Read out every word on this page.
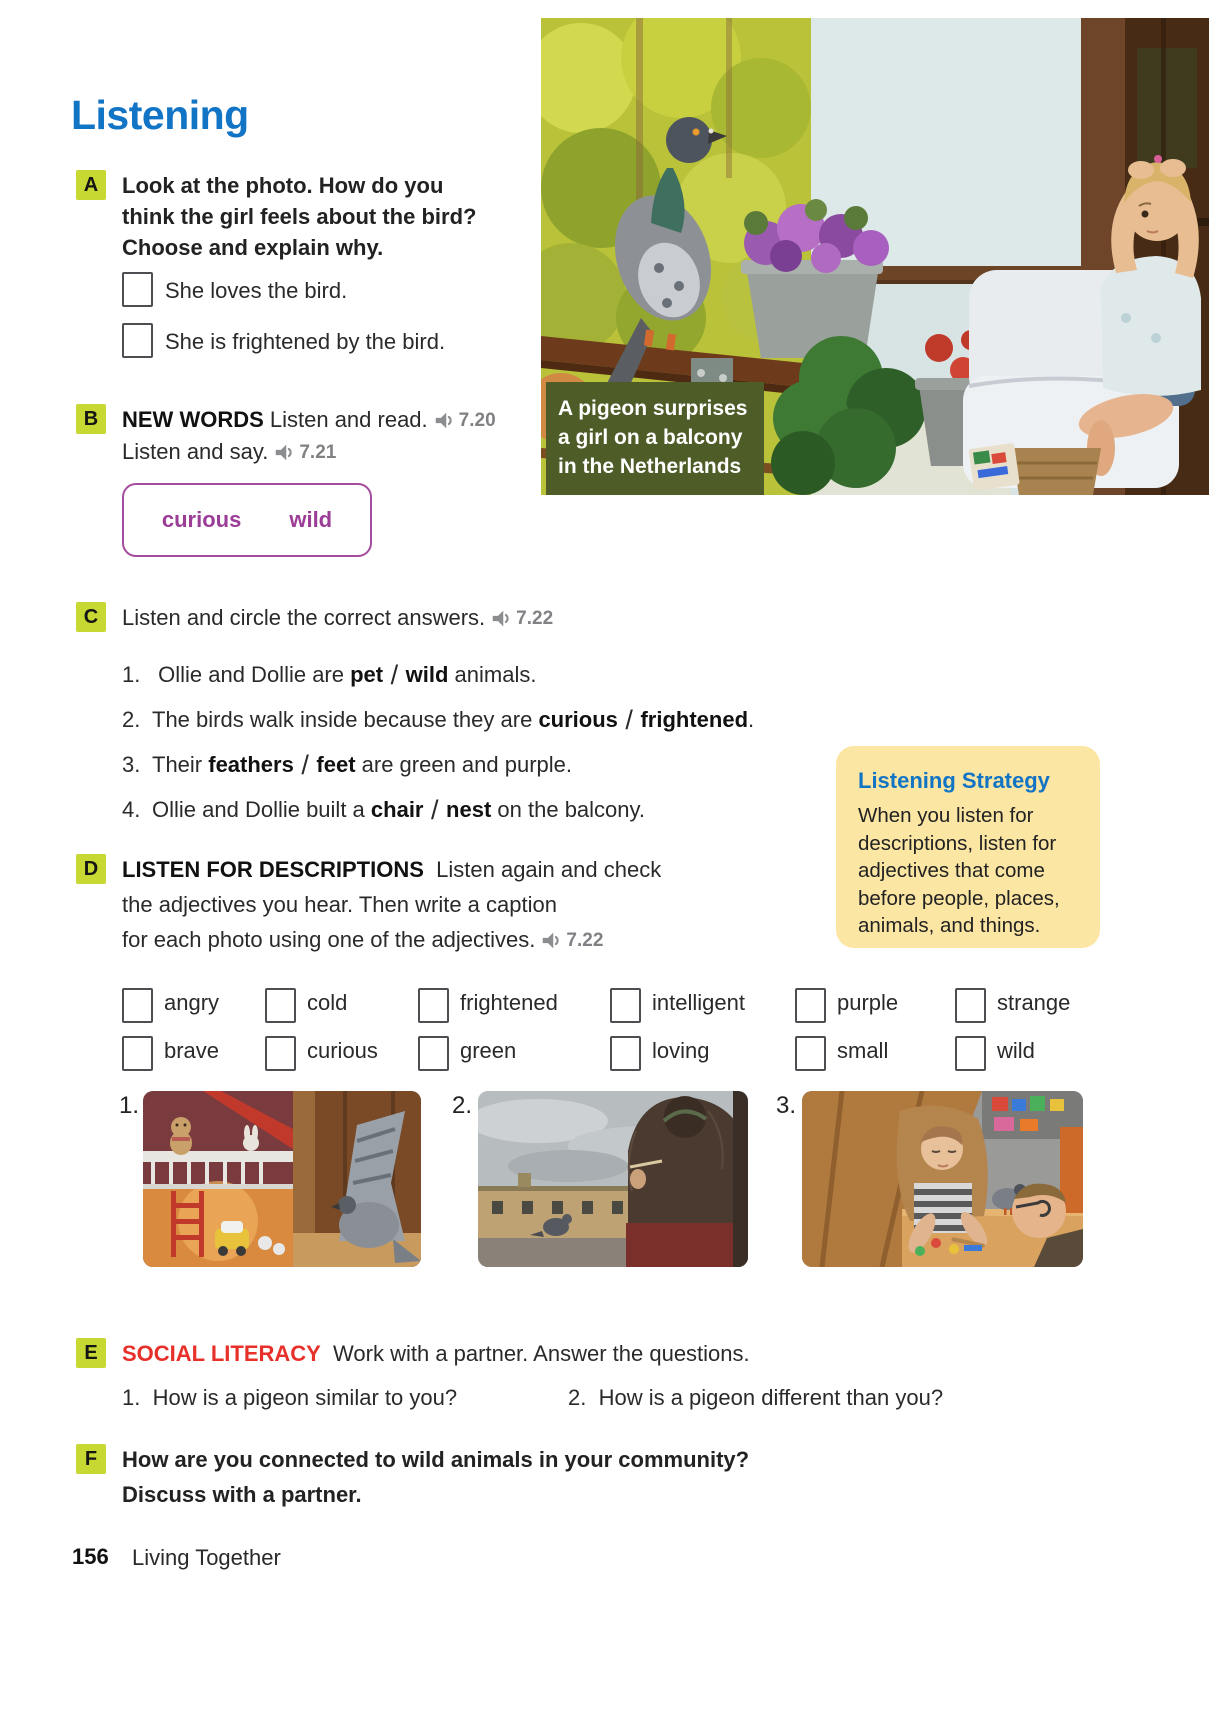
Listening
A pigeon surprises
a girl on a balcony
in the Netherlands
A	Look at the photo. How do you
think the girl feels about the bird?
Choose and explain why.
She loves the bird.
She is frightened by the bird.
B	NEW WORDS Listen and read. 7.20
Listen and say. 7.21
curious wild
C	Listen and circle the correct answers. 7.22
1. Ollie and Dollie are pet / wild animals.
2. The birds walk inside because they are curious / frightened.
3. Their feathers / feet are green and purple.
4. Ollie and Dollie built a chair / nest on the balcony.
Listening Strategy
When you listen for
descriptions, listen for
adjectives that come
before people, places,
animals, and things.
D	LISTEN FOR DESCRIPTIONS  Listen again and check
the adjectives you hear. Then write a caption
for each photo using one of the adjectives. 7.22
angry	cold	frightened	intelligent	purple	strange
brave	curious	green	loving	small	wild
1.	2.	3.
E	SOCIAL LITERACY  Work with a partner. Answer the questions.
1.  How is a pigeon similar to you?	2.  How is a pigeon different than you?
F	How are you connected to wild animals in your community?
Discuss with a partner.
156 Living Together
